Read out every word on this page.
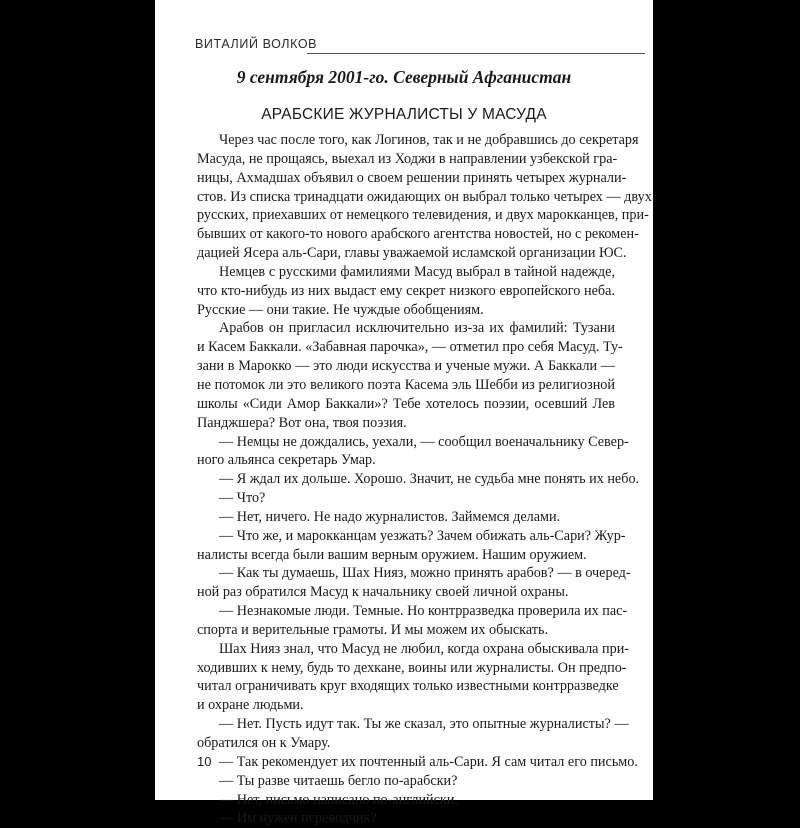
ВИТАЛИЙ ВОЛКОВ
9 сентября 2001-го. Северный Афганистан
АРАБСКИЕ ЖУРНАЛИСТЫ У МАСУДА
Через час после того, как Логинов, так и не добравшись до секретаря
Масуда, не прощаясь, выехал из Ходжи в направлении узбекской гра-
ницы, Ахмадшах объявил о своем решении принять четырех журнали-
стов. Из списка тринадцати ожидающих он выбрал только четырех — двух
русских, приехавших от немецкого телевидения, и двух марокканцев, при-
бывших от какого-то нового арабского агентства новостей, но с рекомен-
дацией Ясера аль-Сари, главы уважаемой исламской организации ЮС.
Немцев с русскими фамилиями Масуд выбрал в тайной надежде,
что кто-нибудь из них выдаст ему секрет низкого европейского неба.
Русские — они такие. Не чуждые обобщениям.
Арабов он пригласил исключительно из-за их фамилий: Тузани
и Касем Баккали. «Забавная парочка», — отметил про себя Масуд. Ту-
зани в Марокко — это люди искусства и ученые мужи. А Баккали —
не потомок ли это великого поэта Касема эль Шебби из религиозной
школы «Сиди Амор Баккали»? Тебе хотелось поэзии, осевший Лев
Панджшера? Вот она, твоя поэзия.
— Немцы не дождались, уехали, — сообщил военачальнику Север-
ного альянса секретарь Умар.
— Я ждал их дольше. Хорошо. Значит, не судьба мне понять их небо.
— Что?
— Нет, ничего. Не надо журналистов. Займемся делами.
— Что же, и марокканцам уезжать? Зачем обижать аль-Сари? Жур-
налисты всегда были вашим верным оружием. Нашим оружием.
— Как ты думаешь, Шах Нияз, можно принять арабов? — в очеред-
ной раз обратился Масуд к начальнику своей личной охраны.
— Незнакомые люди. Темные. Но контрразведка проверила их пас-
спорта и верительные грамоты. И мы можем их обыскать.
Шах Нияз знал, что Масуд не любил, когда охрана обыскивала при-
ходивших к нему, будь то дехкане, воины или журналисты. Он предпо-
читал ограничивать круг входящих только известными контрразведке
и охране людьми.
— Нет. Пусть идут так. Ты же сказал, это опытные журналисты? —
обратился он к Умару.
— Так рекомендует их почтенный аль-Сари. Я сам читал его письмо.
— Ты разве читаешь бегло по-арабски?
— Нет, письмо написано по-английски.
— Им нужен переводчик?
10
